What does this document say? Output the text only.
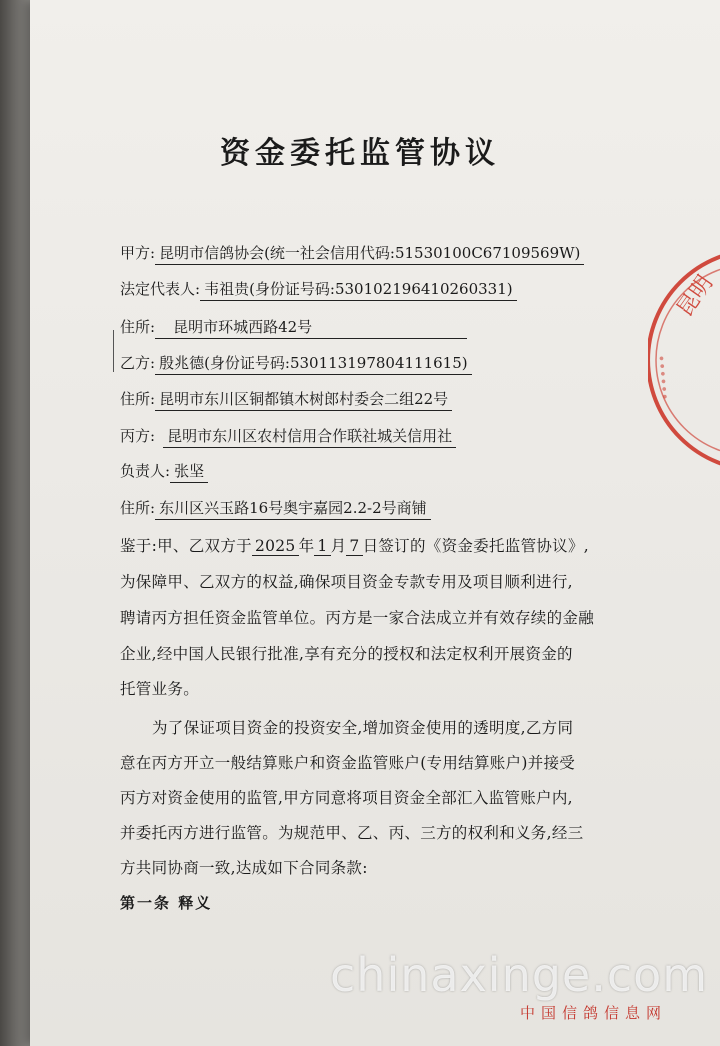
资金委托监管协议
甲方: 昆明市信鸽协会(统一社会信用代码:51530100C67109569W)
法定代表人: 韦祖贵(身份证号码:530102196410260331)
住所: 昆明市环城西路42号
乙方: 殷兆德(身份证号码:530113197804111615)
住所: 昆明市东川区铜都镇木树郎村委会二组22号
丙方: 昆明市东川区农村信用合作联社城关信用社
负责人: 张坚
住所: 东川区兴玉路16号奥宇嘉园2.2-2号商铺
鉴于:甲、乙双方于 2025 年 1 月 7 日签订的《资金委托监管协议》,
为保障甲、乙双方的权益,确保项目资金专款专用及项目顺利进行,
聘请丙方担任资金监管单位。丙方是一家合法成立并有效存续的金融
企业,经中国人民银行批准,享有充分的授权和法定权利开展资金的
托管业务。
为了保证项目资金的投资安全,增加资金使用的透明度,乙方同
意在丙方开立一般结算账户和资金监管账户(专用结算账户)并接受
丙方对资金使用的监管,甲方同意将项目资金全部汇入监管账户内,
并委托丙方进行监管。为规范甲、乙、丙、三方的权利和义务,经三
方共同协商一致,达成如下合同条款:
第一条 释义
昆明
••••••
chinaxinge.com
中国信鸽信息网
